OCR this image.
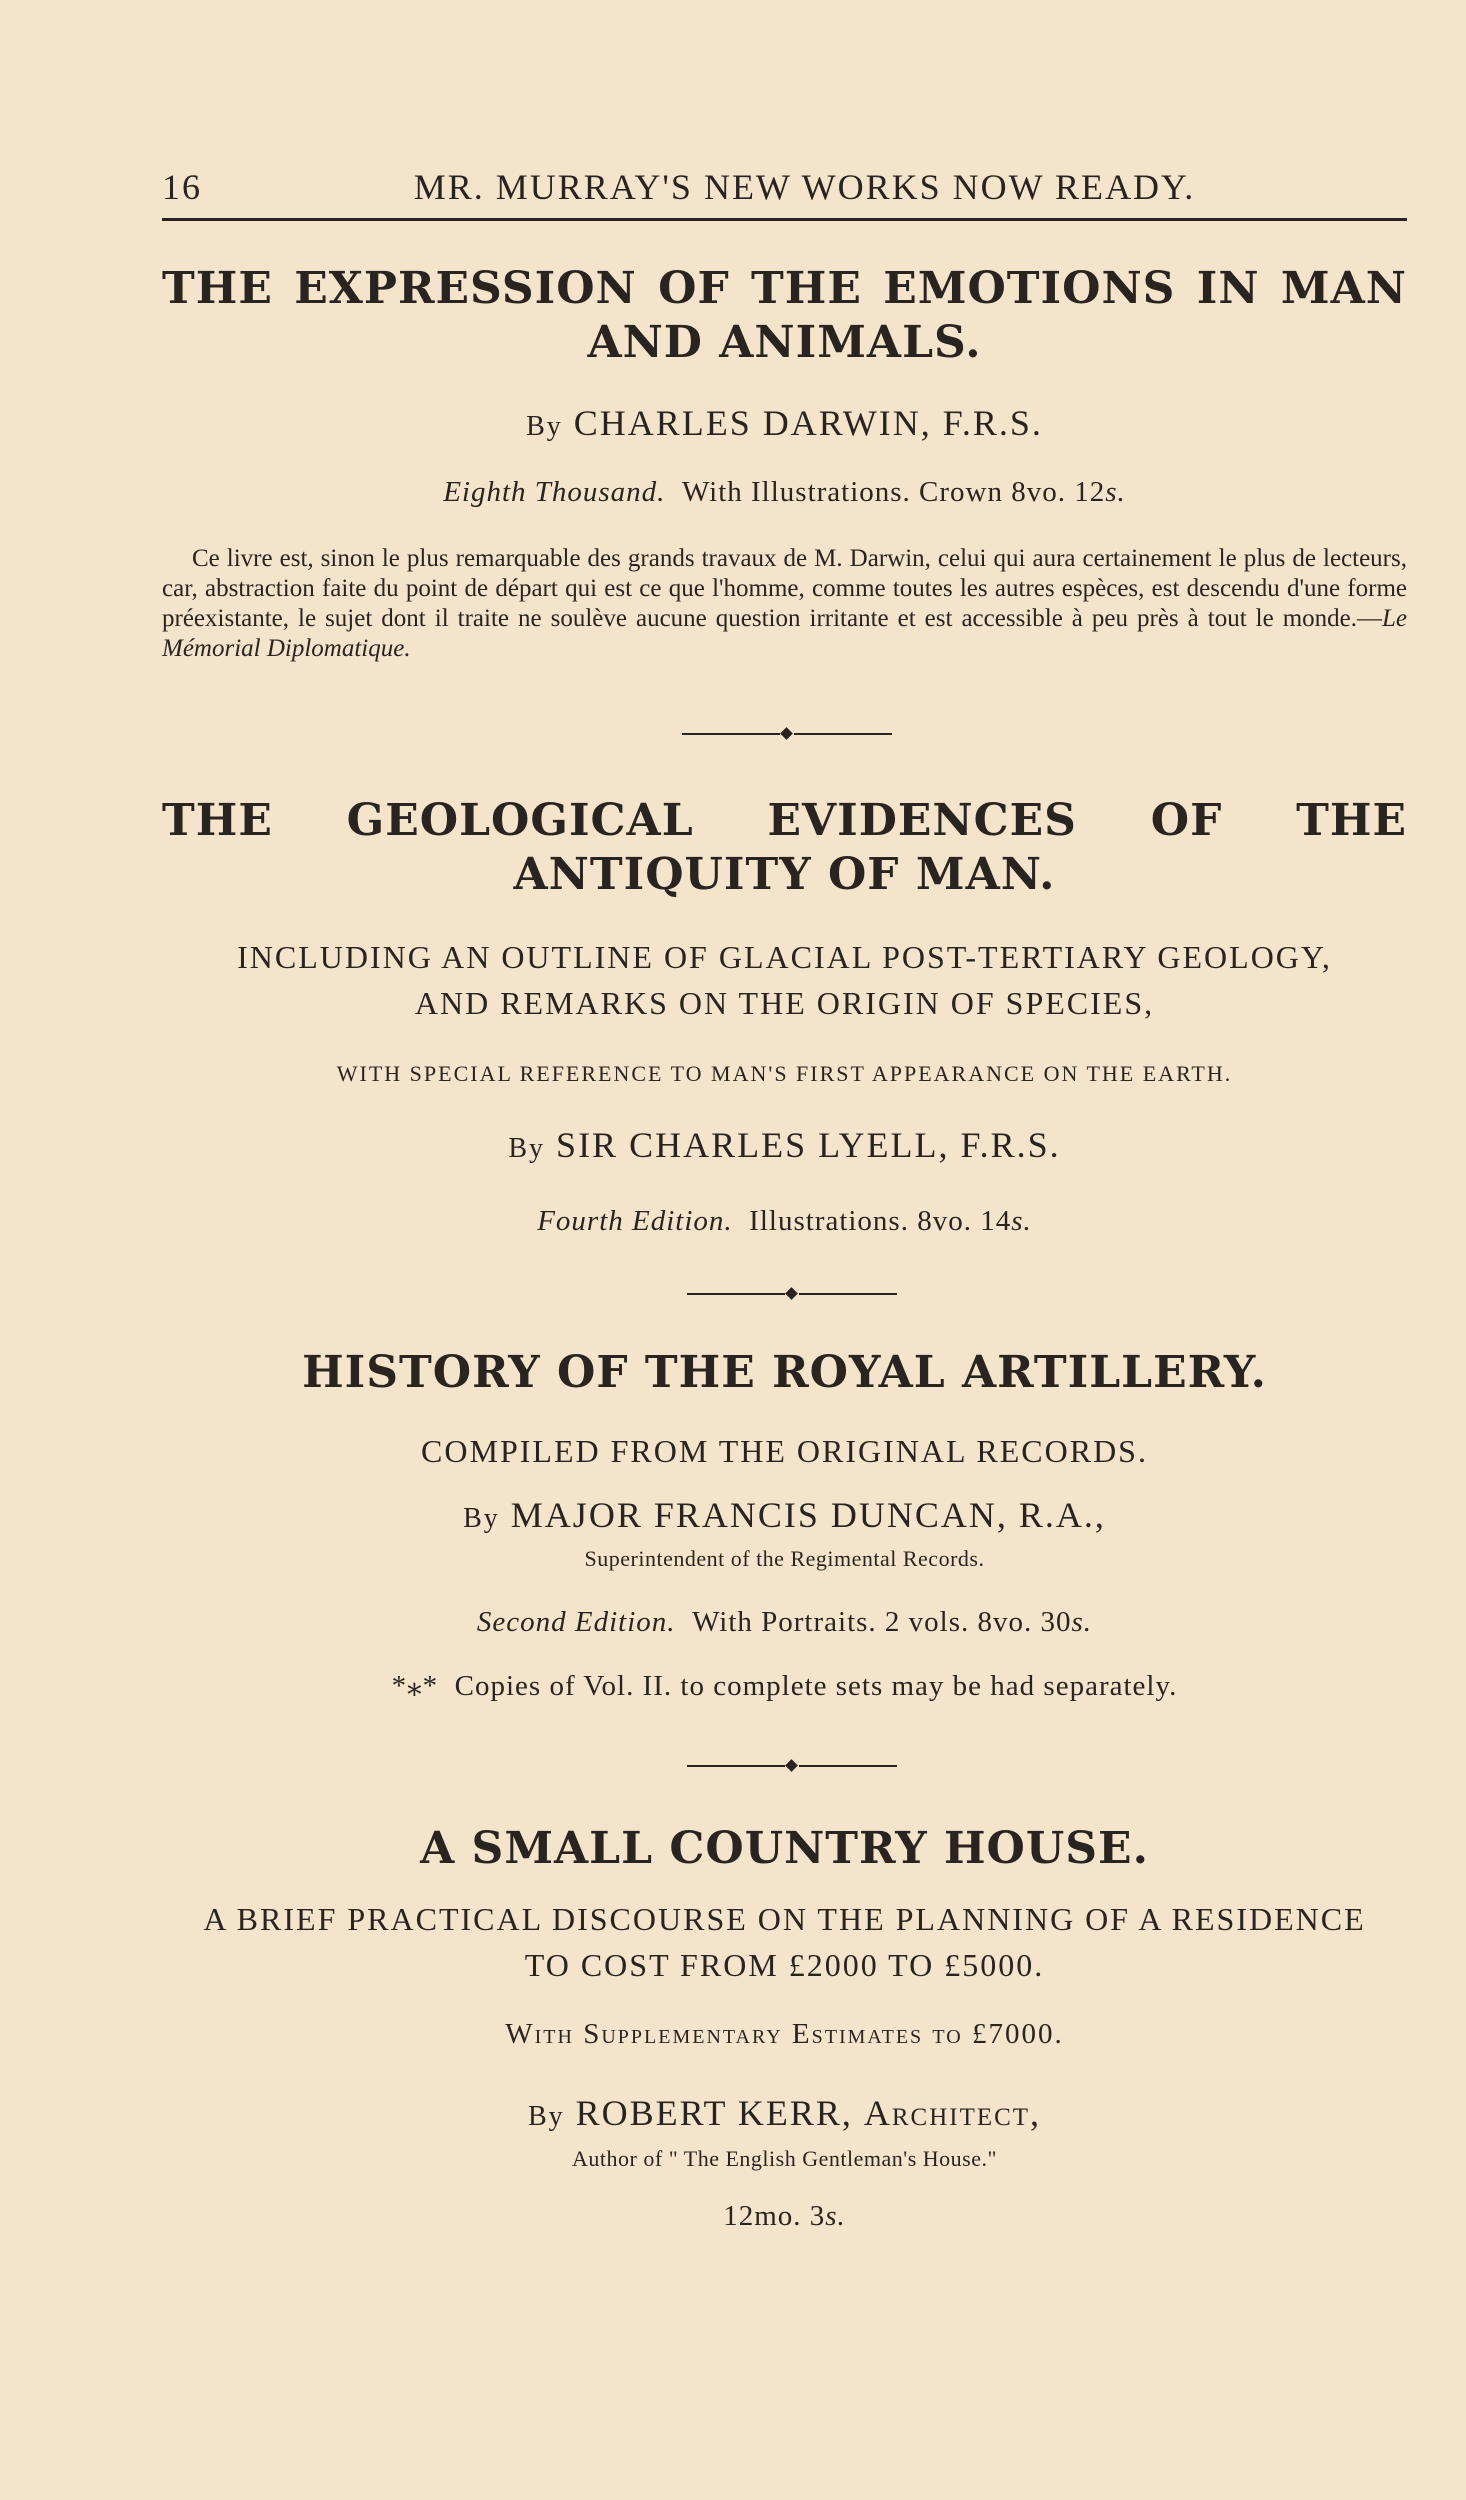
16	MR. MURRAY'S NEW WORKS NOW READY.
THE EXPRESSION OF THE EMOTIONS IN MAN AND ANIMALS.
By CHARLES DARWIN, F.R.S.
Eighth Thousand. With Illustrations. Crown 8vo. 12s.
Ce livre est, sinon le plus remarquable des grands travaux de M. Darwin, celui qui aura certainement le plus de lecteurs, car, abstraction faite du point de départ qui est ce que l'homme, comme toutes les autres espèces, est descendu d'une forme préexistante, le sujet dont il traite ne soulève aucune question irritante et est accessible à peu près à tout le monde.—Le Mémorial Diplomatique.
THE GEOLOGICAL EVIDENCES OF THE ANTIQUITY OF MAN.
INCLUDING AN OUTLINE OF GLACIAL POST-TERTIARY GEOLOGY,
AND REMARKS ON THE ORIGIN OF SPECIES,
WITH SPECIAL REFERENCE TO MAN'S FIRST APPEARANCE ON THE EARTH.
By SIR CHARLES LYELL, F.R.S.
Fourth Edition. Illustrations. 8vo. 14s.
HISTORY OF THE ROYAL ARTILLERY.
COMPILED FROM THE ORIGINAL RECORDS.
By MAJOR FRANCIS DUNCAN, R.A.,
Superintendent of the Regimental Records.
Second Edition. With Portraits. 2 vols. 8vo. 30s.
*⁎* Copies of Vol. II. to complete sets may be had separately.
A SMALL COUNTRY HOUSE.
A BRIEF PRACTICAL DISCOURSE ON THE PLANNING OF A RESIDENCE
TO COST FROM £2000 TO £5000.
With Supplementary Estimates to £7000.
By ROBERT KERR, Architect,
Author of " The English Gentleman's House."
12mo. 3s.
